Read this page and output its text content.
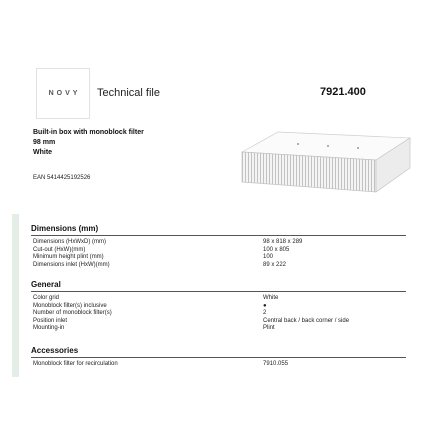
NOVY Technical file	7921.400
Built-in box with monoblock filter
98 mm
White
EAN 5414425192526
Dimensions (mm)
Dimensions (HxWxD) (mm)	98 x 818 x 289
Cut-out (HxW)(mm)	100 x 805
Minimum height plint (mm)	100
Dimensions inlet (HxW)(mm)	89 x 222
General
Color grid	White
Monoblock filter(s) inclusive	●
Number of monoblock filter(s)	2
Position inlet	Central back / back corner / side
Mounting-in	Plint
Accessories
Monoblock filter for recirculation	7910.055
